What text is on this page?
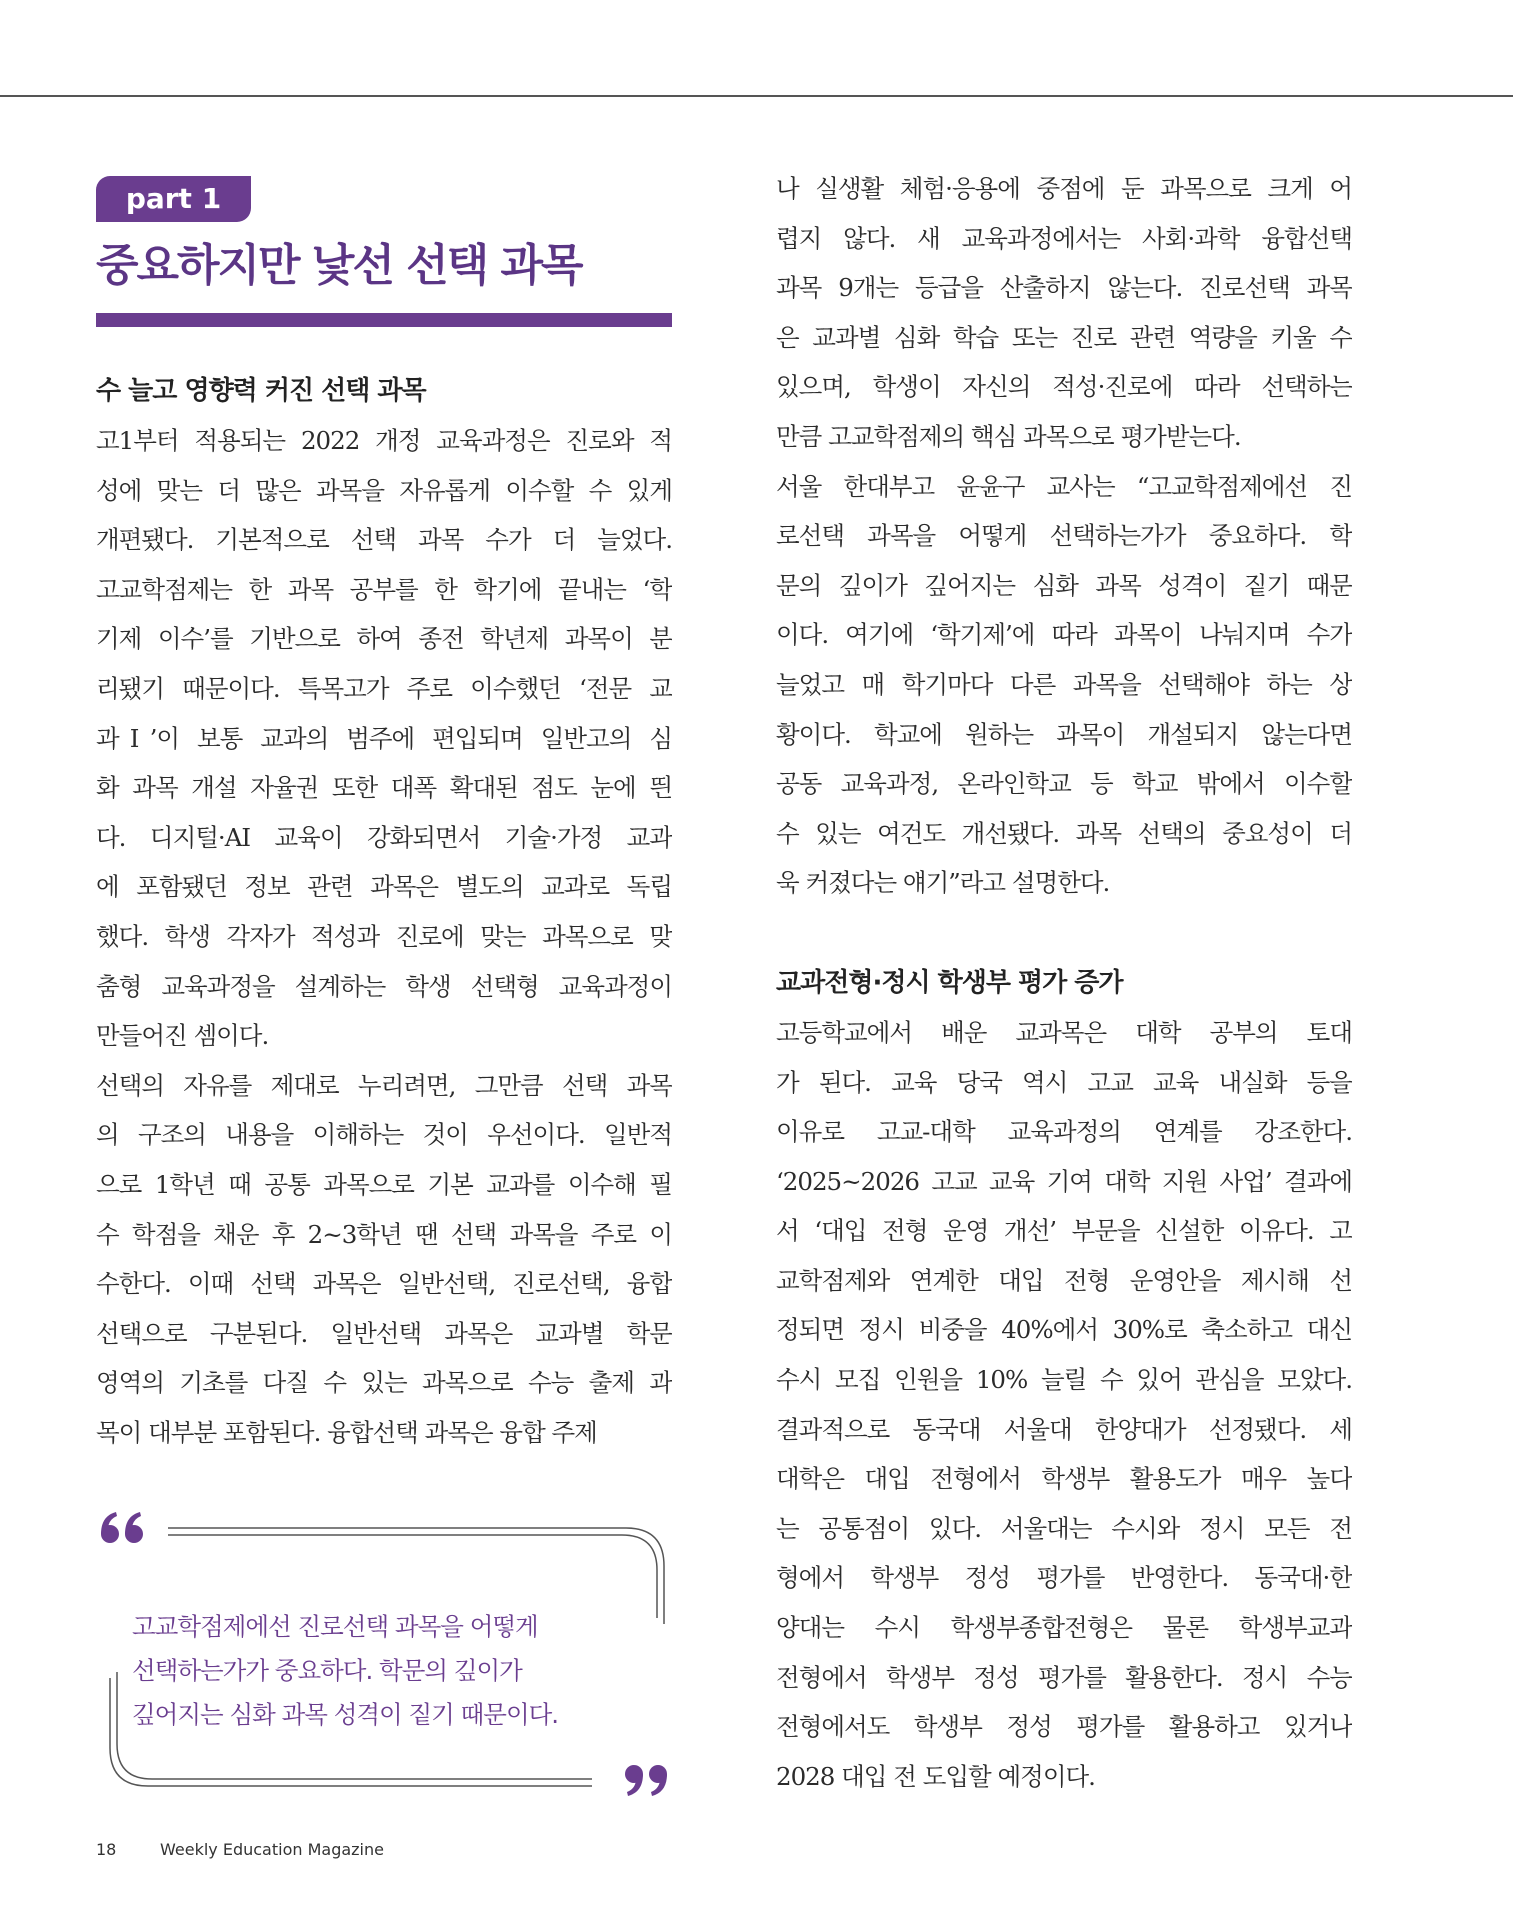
part 1
중요하지만 낯선 선택 과목
수 늘고 영향력 커진 선택 과목
고1부터 적용되는 2022 개정 교육과정은 진로와 적
성에 맞는 더 많은 과목을 자유롭게 이수할 수 있게
개편됐다. 기본적으로 선택 과목 수가 더 늘었다.
고교학점제는 한 과목 공부를 한 학기에 끝내는 ‘학
기제 이수’를 기반으로 하여 종전 학년제 과목이 분
리됐기 때문이다. 특목고가 주로 이수했던 ‘전문 교
과Ⅰ’이 보통 교과의 범주에 편입되며 일반고의 심
화 과목 개설 자율권 또한 대폭 확대된 점도 눈에 띈
다. 디지털·AI 교육이 강화되면서 기술·가정 교과
에 포함됐던 정보 관련 과목은 별도의 교과로 독립
했다. 학생 각자가 적성과 진로에 맞는 과목으로 맞
춤형 교육과정을 설계하는 학생 선택형 교육과정이
만들어진 셈이다.
선택의 자유를 제대로 누리려면, 그만큼 선택 과목
의 구조의 내용을 이해하는 것이 우선이다. 일반적
으로 1학년 때 공통 과목으로 기본 교과를 이수해 필
수 학점을 채운 후 2~3학년 땐 선택 과목을 주로 이
수한다. 이때 선택 과목은 일반선택, 진로선택, 융합
선택으로 구분된다. 일반선택 과목은 교과별 학문
영역의 기초를 다질 수 있는 과목으로 수능 출제 과
목이 대부분 포함된다. 융합선택 과목은 융합 주제
고교학점제에선 진로선택 과목을 어떻게
선택하는가가 중요하다. 학문의 깊이가
깊어지는 심화 과목 성격이 짙기 때문이다.
나 실생활 체험·응용에 중점에 둔 과목으로 크게 어
렵지 않다. 새 교육과정에서는 사회·과학 융합선택
과목 9개는 등급을 산출하지 않는다. 진로선택 과목
은 교과별 심화 학습 또는 진로 관련 역량을 키울 수
있으며, 학생이 자신의 적성·진로에 따라 선택하는
만큼 고교학점제의 핵심 과목으로 평가받는다.
서울 한대부고 윤윤구 교사는 “고교학점제에선 진
로선택 과목을 어떻게 선택하는가가 중요하다. 학
문의 깊이가 깊어지는 심화 과목 성격이 짙기 때문
이다. 여기에 ‘학기제’에 따라 과목이 나눠지며 수가
늘었고 매 학기마다 다른 과목을 선택해야 하는 상
황이다. 학교에 원하는 과목이 개설되지 않는다면
공동 교육과정, 온라인학교 등 학교 밖에서 이수할
수 있는 여건도 개선됐다. 과목 선택의 중요성이 더
욱 커졌다는 얘기”라고 설명한다.
교과전형·정시 학생부 평가 증가
고등학교에서 배운 교과목은 대학 공부의 토대
가 된다. 교육 당국 역시 고교 교육 내실화 등을
이유로 고교-대학 교육과정의 연계를 강조한다.
‘2025~2026 고교 교육 기여 대학 지원 사업’ 결과에
서 ‘대입 전형 운영 개선’ 부문을 신설한 이유다. 고
교학점제와 연계한 대입 전형 운영안을 제시해 선
정되면 정시 비중을 40%에서 30%로 축소하고 대신
수시 모집 인원을 10% 늘릴 수 있어 관심을 모았다.
결과적으로 동국대 서울대 한양대가 선정됐다. 세
대학은 대입 전형에서 학생부 활용도가 매우 높다
는 공통점이 있다. 서울대는 수시와 정시 모든 전
형에서 학생부 정성 평가를 반영한다. 동국대·한
양대는 수시 학생부종합전형은 물론 학생부교과
전형에서 학생부 정성 평가를 활용한다. 정시 수능
전형에서도 학생부 정성 평가를 활용하고 있거나
2028 대입 전 도입할 예정이다.
18	Weekly Education Magazine
